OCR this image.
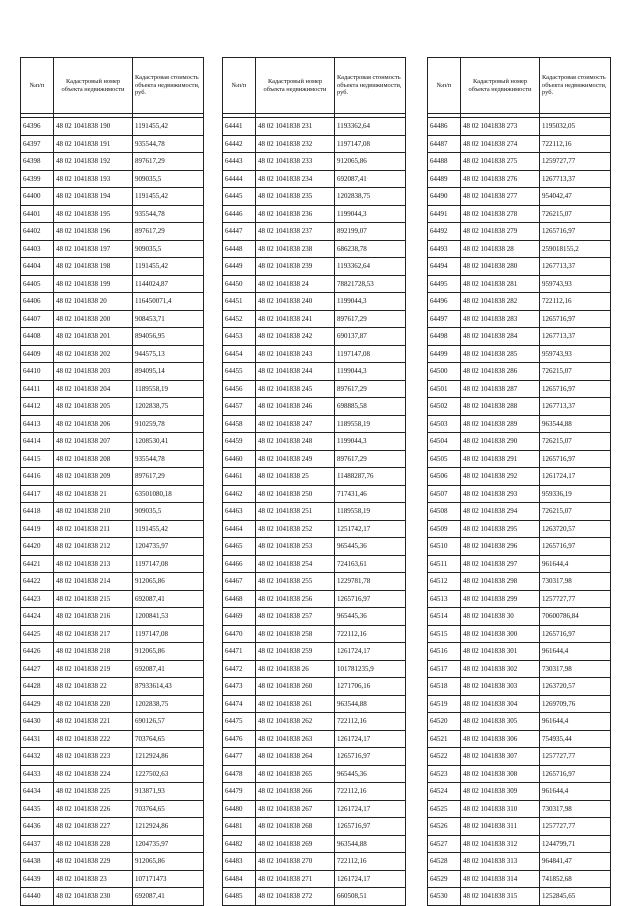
№п/п	Кадастровый номер объекта недвижимости	Кадастровая стоимость объекта недвижимости, руб.

64396	48 02 1041838 190	1191455,42
64397	48 02 1041838 191	935544,78
64398	48 02 1041838 192	897617,29
64399	48 02 1041838 193	909035,5
64400	48 02 1041838 194	1191455,42
64401	48 02 1041838 195	935544,78
64402	48 02 1041838 196	897617,29
64403	48 02 1041838 197	909035,5
64404	48 02 1041838 198	1191455,42
64405	48 02 1041838 199	1144024,87
64406	48 02 1041838 20	116450071,4
64407	48 02 1041838 200	908453,71
64408	48 02 1041838 201	894056,95
64409	48 02 1041838 202	944575,13
64410	48 02 1041838 203	894095,14
64411	48 02 1041838 204	1189558,19
64412	48 02 1041838 205	1202838,75
64413	48 02 1041838 206	910259,78
64414	48 02 1041838 207	1208530,41
64415	48 02 1041838 208	935544,78
64416	48 02 1041838 209	897617,29
64417	48 02 1041838 21	63501080,18
64418	48 02 1041838 210	909035,5
64419	48 02 1041838 211	1191455,42
64420	48 02 1041838 212	1204735,97
64421	48 02 1041838 213	1197147,08
64422	48 02 1041838 214	912065,86
64423	48 02 1041838 215	692087,41
64424	48 02 1041838 216	1200841,53
64425	48 02 1041838 217	1197147,08
64426	48 02 1041838 218	912065,86
64427	48 02 1041838 219	692087,41
64428	48 02 1041838 22	87933614,43
64429	48 02 1041838 220	1202838,75
64430	48 02 1041838 221	690126,57
64431	48 02 1041838 222	703764,65
64432	48 02 1041838 223	1212924,86
64433	48 02 1041838 224	1227502,63
64434	48 02 1041838 225	913871,93
64435	48 02 1041838 226	703764,65
64436	48 02 1041838 227	1212924,86
64437	48 02 1041838 228	1204735,97
64438	48 02 1041838 229	912065,86
64439	48 02 1041838 23	107171473
64440	48 02 1041838 230	692087,41
№п/п	Кадастровый номер объекта недвижимости	Кадастровая стоимость объекта недвижимости, руб.

64441	48 02 1041838 231	1193362,64
64442	48 02 1041838 232	1197147,08
64443	48 02 1041838 233	912065,86
64444	48 02 1041838 234	692087,41
64445	48 02 1041838 235	1202838,75
64446	48 02 1041838 236	1199044,3
64447	48 02 1041838 237	892199,07
64448	48 02 1041838 238	686238,78
64449	48 02 1041838 239	1193362,64
64450	48 02 1041838 24	78821728,53
64451	48 02 1041838 240	1199044,3
64452	48 02 1041838 241	897617,29
64453	48 02 1041838 242	690137,87
64454	48 02 1041838 243	1197147,08
64455	48 02 1041838 244	1199044,3
64456	48 02 1041838 245	897617,29
64457	48 02 1041838 246	698885,58
64458	48 02 1041838 247	1189558,19
64459	48 02 1041838 248	1199044,3
64460	48 02 1041838 249	897617,29
64461	48 02 1041838 25	11488287,76
64462	48 02 1041838 250	717431,46
64463	48 02 1041838 251	1189558,19
64464	48 02 1041838 252	1251742,17
64465	48 02 1041838 253	965445,36
64466	48 02 1041838 254	724163,61
64467	48 02 1041838 255	1229781,78
64468	48 02 1041838 256	1265716,97
64469	48 02 1041838 257	965445,36
64470	48 02 1041838 258	722112,16
64471	48 02 1041838 259	1261724,17
64472	48 02 1041838 26	101781235,9
64473	48 02 1041838 260	1271706,16
64474	48 02 1041838 261	963544,88
64475	48 02 1041838 262	722112,16
64476	48 02 1041838 263	1261724,17
64477	48 02 1041838 264	1265716,97
64478	48 02 1041838 265	965445,36
64479	48 02 1041838 266	722112,16
64480	48 02 1041838 267	1261724,17
64481	48 02 1041838 268	1265716,97
64482	48 02 1041838 269	963544,88
64483	48 02 1041838 270	722112,16
64484	48 02 1041838 271	1261724,17
64485	48 02 1041838 272	660508,51
№п/п	Кадастровый номер объекта недвижимости	Кадастровая стоимость объекта недвижимости, руб.

64486	48 02 1041838 273	1195032,05
64487	48 02 1041838 274	722112,16
64488	48 02 1041838 275	1259727,77
64489	48 02 1041838 276	1267713,37
64490	48 02 1041838 277	954042,47
64491	48 02 1041838 278	726215,07
64492	48 02 1041838 279	1265716,97
64493	48 02 1041838 28	259018155,2
64494	48 02 1041838 280	1267713,37
64495	48 02 1041838 281	959743,93
64496	48 02 1041838 282	722112,16
64497	48 02 1041838 283	1265716,97
64498	48 02 1041838 284	1267713,37
64499	48 02 1041838 285	959743,93
64500	48 02 1041838 286	726215,07
64501	48 02 1041838 287	1265716,97
64502	48 02 1041838 288	1267713,37
64503	48 02 1041838 289	963544,88
64504	48 02 1041838 290	726215,07
64505	48 02 1041838 291	1265716,97
64506	48 02 1041838 292	1261724,17
64507	48 02 1041838 293	959336,19
64508	48 02 1041838 294	726215,07
64509	48 02 1041838 295	1263720,57
64510	48 02 1041838 296	1265716,97
64511	48 02 1041838 297	961644,4
64512	48 02 1041838 298	730317,98
64513	48 02 1041838 299	1257727,77
64514	48 02 1041838 30	70600786,84
64515	48 02 1041838 300	1265716,97
64516	48 02 1041838 301	961644,4
64517	48 02 1041838 302	730317,98
64518	48 02 1041838 303	1263720,57
64519	48 02 1041838 304	1269709,76
64520	48 02 1041838 305	961644,4
64521	48 02 1041838 306	754935,44
64522	48 02 1041838 307	1257727,77
64523	48 02 1041838 308	1265716,97
64524	48 02 1041838 309	961644,4
64525	48 02 1041838 310	730317,98
64526	48 02 1041838 311	1257727,77
64527	48 02 1041838 312	1244799,71
64528	48 02 1041838 313	964841,47
64529	48 02 1041838 314	741852,68
64530	48 02 1041838 315	1252845,65
